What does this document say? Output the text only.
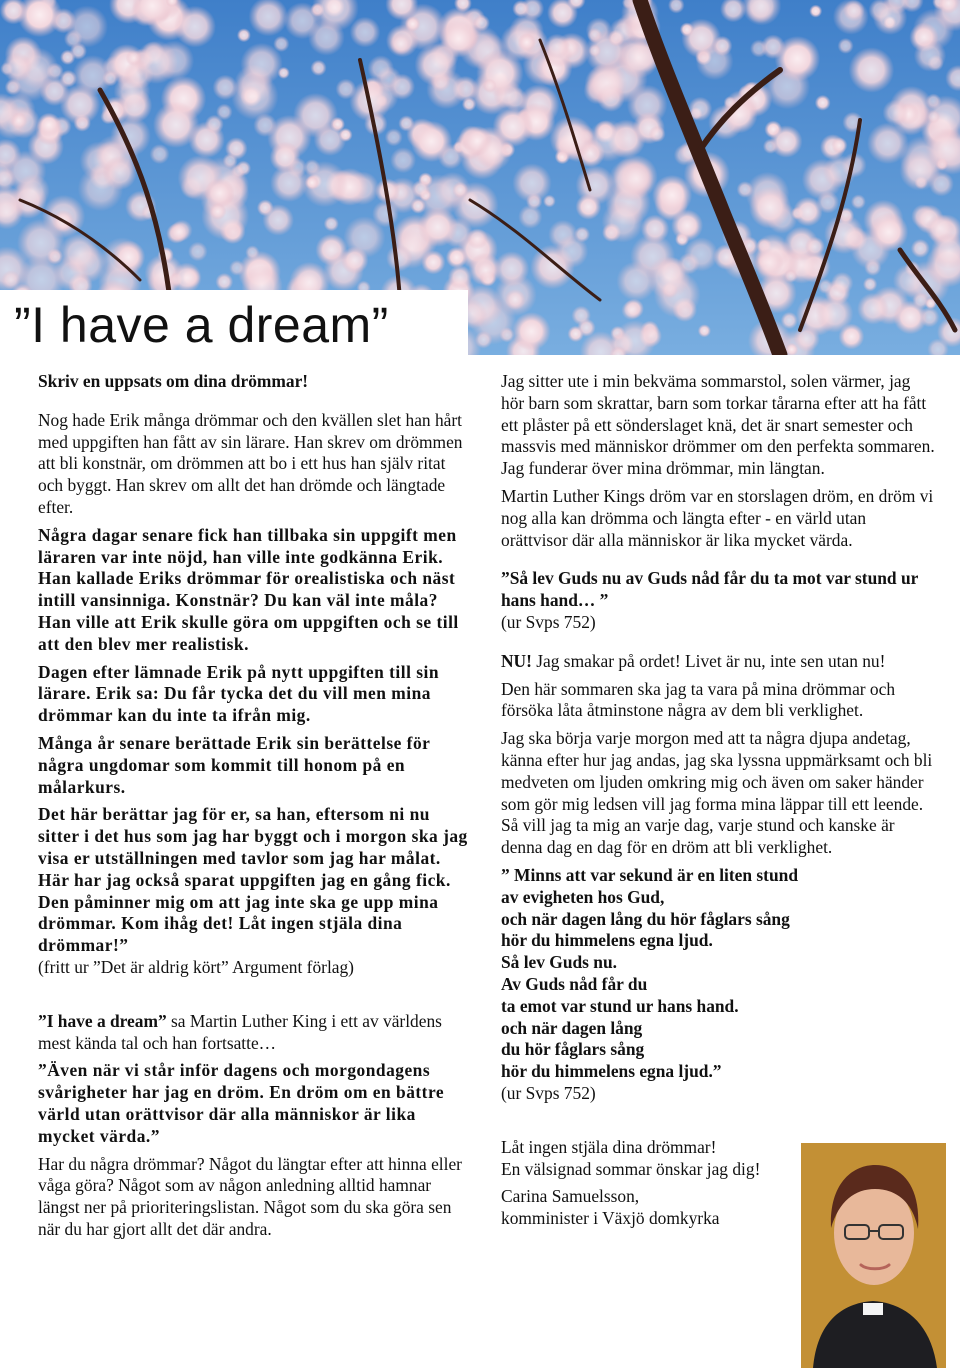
”I have a dream”

Skriv en uppsats om dina drömmar!

Nog hade Erik många drömmar och den kvällen slet han hårt med uppgiften han fått av sin lärare. Han skrev om drömmen att bli konstnär, om drömmen att bo i ett hus han själv ritat och byggt. Han skrev om allt det han drömde och längtade efter.

Några dagar senare fick han tillbaka sin uppgift men läraren var inte nöjd, han ville inte godkänna Erik. Han kallade Eriks drömmar för orealistiska och näst intill vansinniga. Konstnär? Du kan väl inte måla? Han ville att Erik skulle göra om uppgiften och se till att den blev mer realistisk.

Dagen efter lämnade Erik på nytt uppgiften till sin lärare. Erik sa: Du får tycka det du vill men mina drömmar kan du inte ta ifrån mig.

Många år senare berättade Erik sin berättelse för några ungdomar som kommit till honom på en målarkurs.

Det här berättar jag för er, sa han, eftersom ni nu sitter i det hus som jag har byggt och i morgon ska jag visa er utställningen med tavlor som jag har målat. Här har jag också sparat uppgiften jag en gång fick. Den påminner mig om att jag inte ska ge upp mina drömmar. Kom ihåg det! Låt ingen stjäla dina drömmar!”

(fritt ur ”Det är aldrig kört” Argument förlag)

”I have a dream” sa Martin Luther King i ett av världens mest kända tal och han fortsatte…

”Även när vi står inför dagens och morgondagens svårigheter har jag en dröm. En dröm om en bättre värld utan orättvisor där alla människor är lika mycket värda.”

Har du några drömmar? Något du längtar efter att hinna eller våga göra? Något som av någon anledning alltid hamnar längst ner på prioriteringslistan. Något som du ska göra sen när du har gjort allt det där andra.

Jag sitter ute i min bekväma sommarstol, solen värmer, jag hör barn som skrattar, barn som torkar tårarna efter att ha fått ett plåster på ett sönderslaget knä, det är snart semester och massvis med människor drömmer om den perfekta sommaren. Jag funderar över mina drömmar, min längtan.

Martin Luther Kings dröm var en storslagen dröm, en dröm vi nog alla kan drömma och längta efter - en värld utan orättvisor där alla människor är lika mycket värda.

”Så lev Guds nu av Guds nåd får du ta mot var stund ur hans hand… ”

(ur Svps 752)

NU! Jag smakar på ordet! Livet är nu, inte sen utan nu!

Den här sommaren ska jag ta vara på mina drömmar och försöka låta åtminstone några av dem bli verklighet.

Jag ska börja varje morgon med att ta några djupa andetag, känna efter hur jag andas, jag ska lyssna uppmärksamt och bli medveten om ljuden omkring mig och även om saker händer som gör mig ledsen vill jag forma mina läppar till ett leende. Så vill jag ta mig an varje dag, varje stund och kanske är denna dag en dag för en dröm att bli verklighet.

” Minns att var sekund är en liten stund
av evigheten hos Gud,
och när dagen lång du hör fåglars sång
hör du himmelens egna ljud.
Så lev Guds nu.
Av Guds nåd får du
ta emot var stund ur hans hand.
och när dagen lång
du hör fåglars sång
hör du himmelens egna ljud.”

(ur Svps 752)

Låt ingen stjäla dina drömmar!
En välsignad sommar önskar jag dig!

Carina Samuelsson,
komminister i Växjö domkyrka
